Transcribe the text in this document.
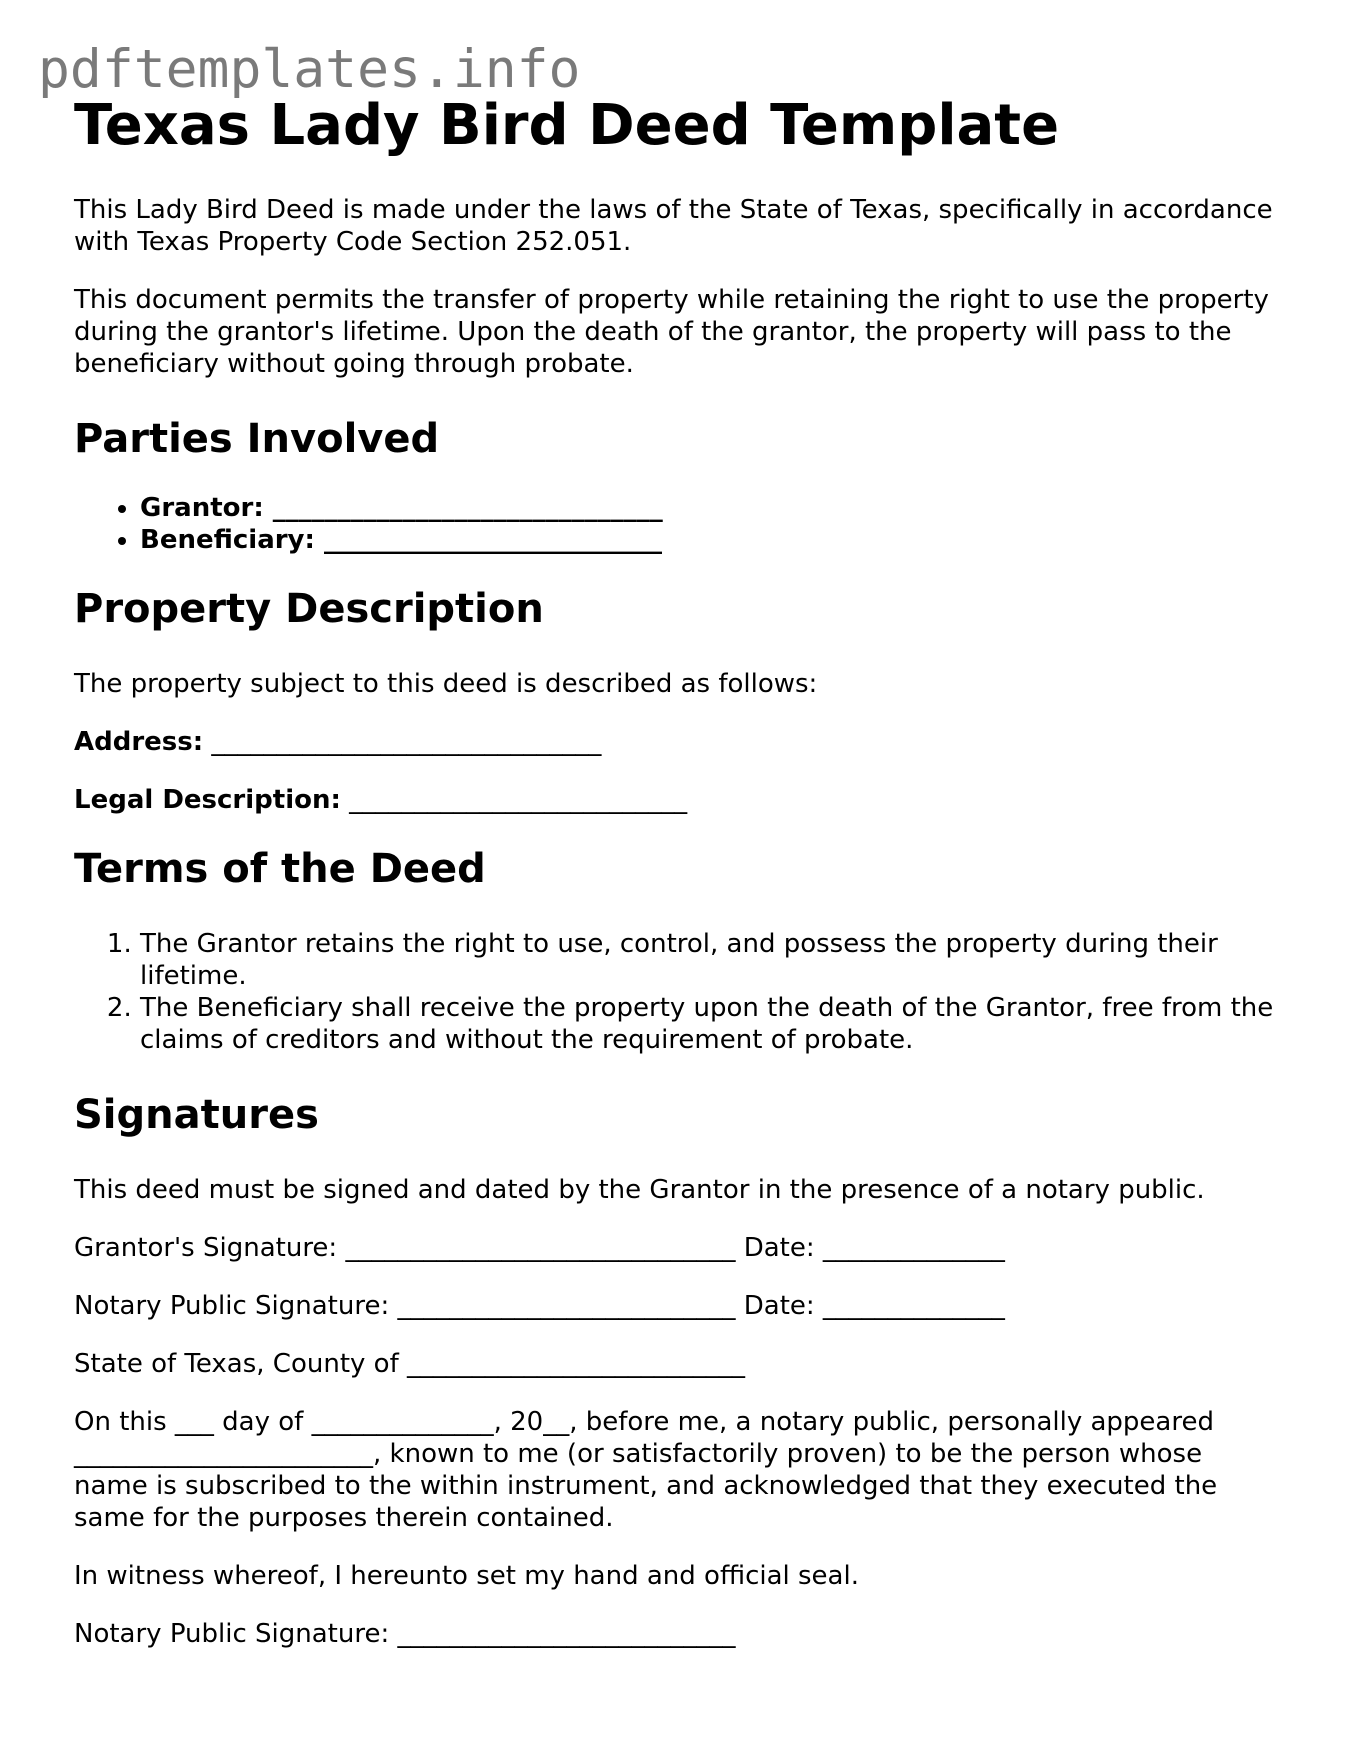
pdftemplates.info
Texas Lady Bird Deed Template

This Lady Bird Deed is made under the laws of the State of Texas, specifically in accordance with Texas Property Code Section 252.051.

This document permits the transfer of property while retaining the right to use the property during the grantor's lifetime. Upon the death of the grantor, the property will pass to the beneficiary without going through probate.

Parties Involved
• Grantor: ______________________________
• Beneficiary: __________________________
Property Description

The property subject to this deed is described as follows:

Address: ______________________________

Legal Description: __________________________

Terms of the Deed
1. The Grantor retains the right to use, control, and possess the property during their lifetime.
2. The Beneficiary shall receive the property upon the death of the Grantor, free from the claims of creditors and without the requirement of probate.
Signatures

This deed must be signed and dated by the Grantor in the presence of a notary public.

Grantor's Signature: ______________________________ Date: ______________

Notary Public Signature: __________________________ Date: ______________

State of Texas, County of __________________________

On this ___ day of ______________, 20__, before me, a notary public, personally appeared _______________________, known to me (or satisfactorily proven) to be the person whose name is subscribed to the within instrument, and acknowledged that they executed the same for the purposes therein contained.

In witness whereof, I hereunto set my hand and official seal.

Notary Public Signature: __________________________
